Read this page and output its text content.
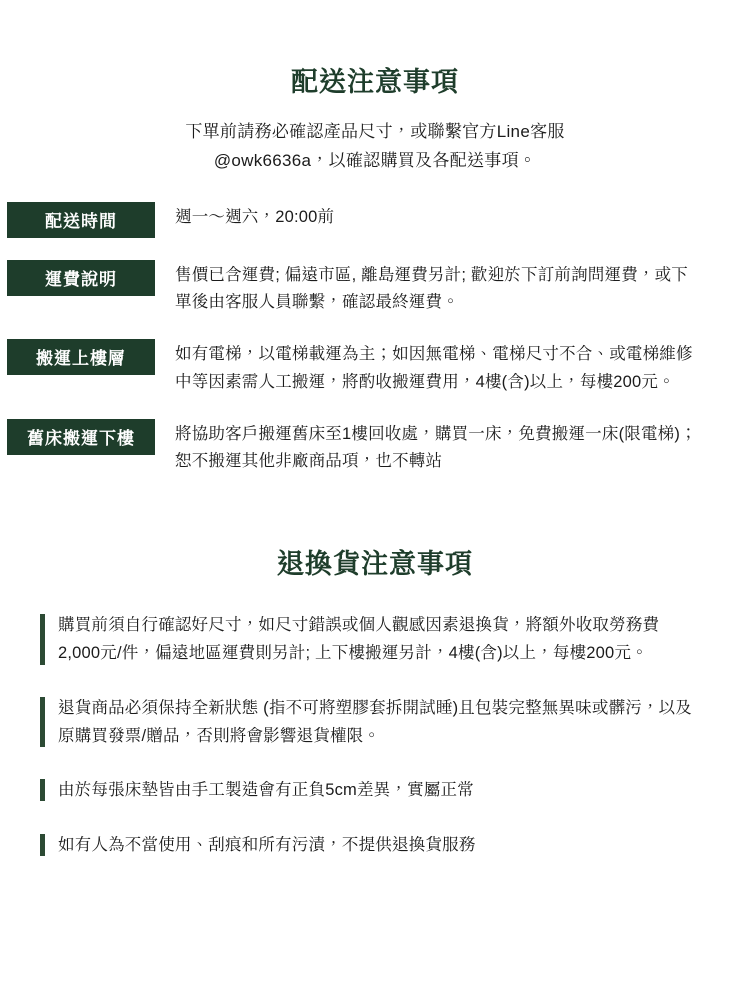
配送注意事項
下單前請務必確認產品尺寸，或聯繫官方Line客服
@owk6636a，以確認購買及各配送事項。
配送時間	週一～週六，20:00前
運費說明	售價已含運費; 偏遠市區, 離島運費另計; 歡迎於下訂前詢問運費，或下單後由客服人員聯繫，確認最終運費。
搬運上樓層	如有電梯，以電梯載運為主；如因無電梯、電梯尺寸不合、或電梯維修中等因素需人工搬運，將酌收搬運費用，4樓(含)以上，每樓200元。
舊床搬運下樓	將協助客戶搬運舊床至1樓回收處，購買一床，免費搬運一床(限電梯)；恕不搬運其他非廠商品項，也不轉站
退換貨注意事項
購買前須自行確認好尺寸，如尺寸錯誤或個人觀感因素退換貨，將額外收取勞務費 2,000元/件，偏遠地區運費則另計; 上下樓搬運另計，4樓(含)以上，每樓200元。
退貨商品必須保持全新狀態 (指不可將塑膠套拆開試睡)且包裝完整無異味或髒污，以及原購買發票/贈品，否則將會影響退貨權限。
由於每張床墊皆由手工製造會有正負5cm差異，實屬正常
如有人為不當使用、刮痕和所有污漬，不提供退換貨服務
